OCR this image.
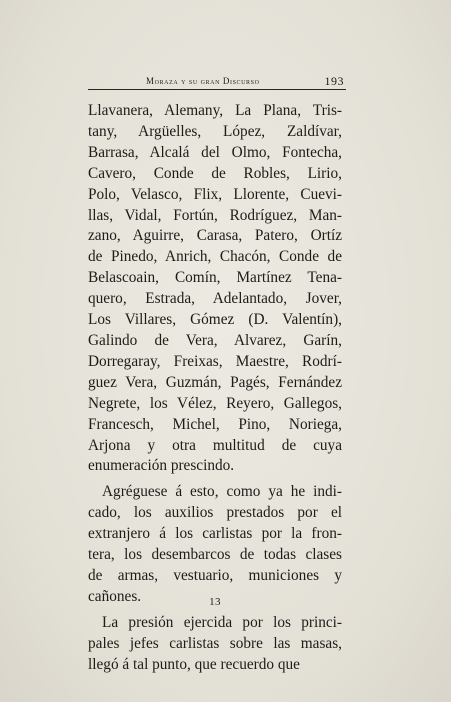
Moraza y su gran Discurso	193
Llavanera, Alemany, La Plana, Tris-
tany, Argüelles, López, Zaldívar,
Barrasa, Alcalá del Olmo, Fontecha,
Cavero, Conde de Robles, Lirio,
Polo, Velasco, Flix, Llorente, Cuevi-
llas, Vidal, Fortún, Rodríguez, Man-
zano, Aguirre, Carasa, Patero, Ortíz
de Pinedo, Anrich, Chacón, Conde de
Belascoain, Comín, Martínez Tena-
quero, Estrada, Adelantado, Jover,
Los Villares, Gómez (D. Valentín),
Galindo de Vera, Alvarez, Garín,
Dorregaray, Freixas, Maestre, Rodrí-
guez Vera, Guzmán, Pagés, Fernández
Negrete, los Vélez, Reyero, Gallegos,
Francesch, Michel, Pino, Noriega,
Arjona y otra multitud de cuya
enumeración prescindo.
Agréguese á esto, como ya he indi-
cado, los auxilios prestados por el
extranjero á los carlistas por la fron-
tera, los desembarcos de todas clases
de armas, vestuario, municiones y
cañones.
La presión ejercida por los princi-
pales jefes carlistas sobre las masas,
llegó á tal punto, que recuerdo que
13
